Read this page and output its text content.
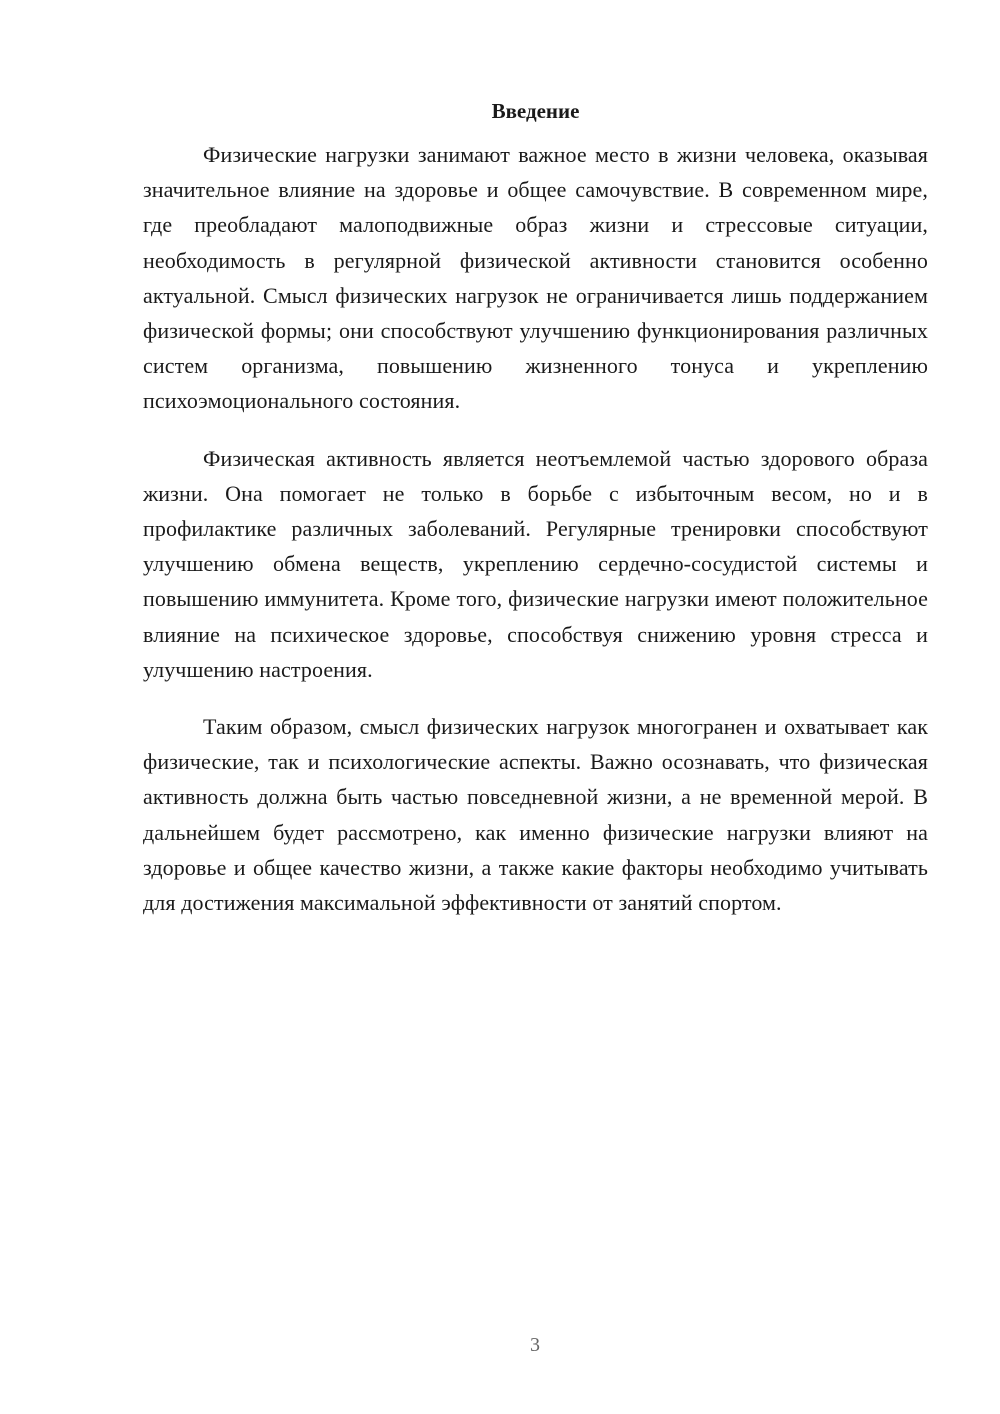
Введение

Физические нагрузки занимают важное место в жизни человека, оказывая значительное влияние на здоровье и общее самочувствие. В современном мире, где преобладают малоподвижные образ жизни и стрессовые ситуации, необходимость в регулярной физической активности становится особенно актуальной. Смысл физических нагрузок не ограничивается лишь поддержанием физической формы; они способствуют улучшению функционирования различных систем организма, повышению жизненного тонуса и укреплению психоэмоционального состояния.

Физическая активность является неотъемлемой частью здорового образа жизни. Она помогает не только в борьбе с избыточным весом, но и в профилактике различных заболеваний. Регулярные тренировки способствуют улучшению обмена веществ, укреплению сердечно-сосудистой системы и повышению иммунитета. Кроме того, физические нагрузки имеют положительное влияние на психическое здоровье, способствуя снижению уровня стресса и улучшению настроения.

Таким образом, смысл физических нагрузок многогранен и охватывает как физические, так и психологические аспекты. Важно осознавать, что физическая активность должна быть частью повседневной жизни, а не временной мерой. В дальнейшем будет рассмотрено, как именно физические нагрузки влияют на здоровье и общее качество жизни, а также какие факторы необходимо учитывать для достижения максимальной эффективности от занятий спортом.

3
